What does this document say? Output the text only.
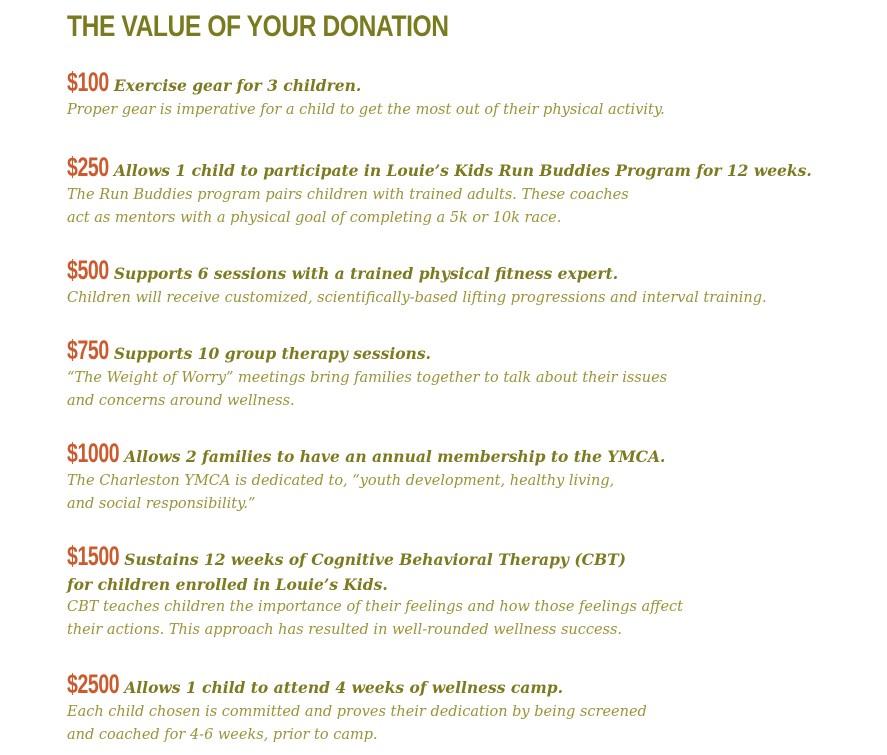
THE VALUE OF YOUR DONATION
$100 Exercise gear for 3 children.
Proper gear is imperative for a child to get the most out of their physical activity.
$250 Allows 1 child to participate in Louie’s Kids Run Buddies Program for 12 weeks.
The Run Buddies program pairs children with trained adults. These coaches
act as mentors with a physical goal of completing a 5k or 10k race.
$500 Supports 6 sessions with a trained physical fitness expert.
Children will receive customized, scientifically-based lifting progressions and interval training.
$750 Supports 10 group therapy sessions.
“The Weight of Worry” meetings bring families together to talk about their issues
and concerns around wellness.
$1000 Allows 2 families to have an annual membership to the YMCA.
The Charleston YMCA is dedicated to, “youth development, healthy living,
and social responsibility.”
$1500 Sustains 12 weeks of Cognitive Behavioral Therapy (CBT)
for children enrolled in Louie’s Kids.
CBT teaches children the importance of their feelings and how those feelings affect
their actions. This approach has resulted in well-rounded wellness success.
$2500 Allows 1 child to attend 4 weeks of wellness camp.
Each child chosen is committed and proves their dedication by being screened
and coached for 4-6 weeks, prior to camp.
